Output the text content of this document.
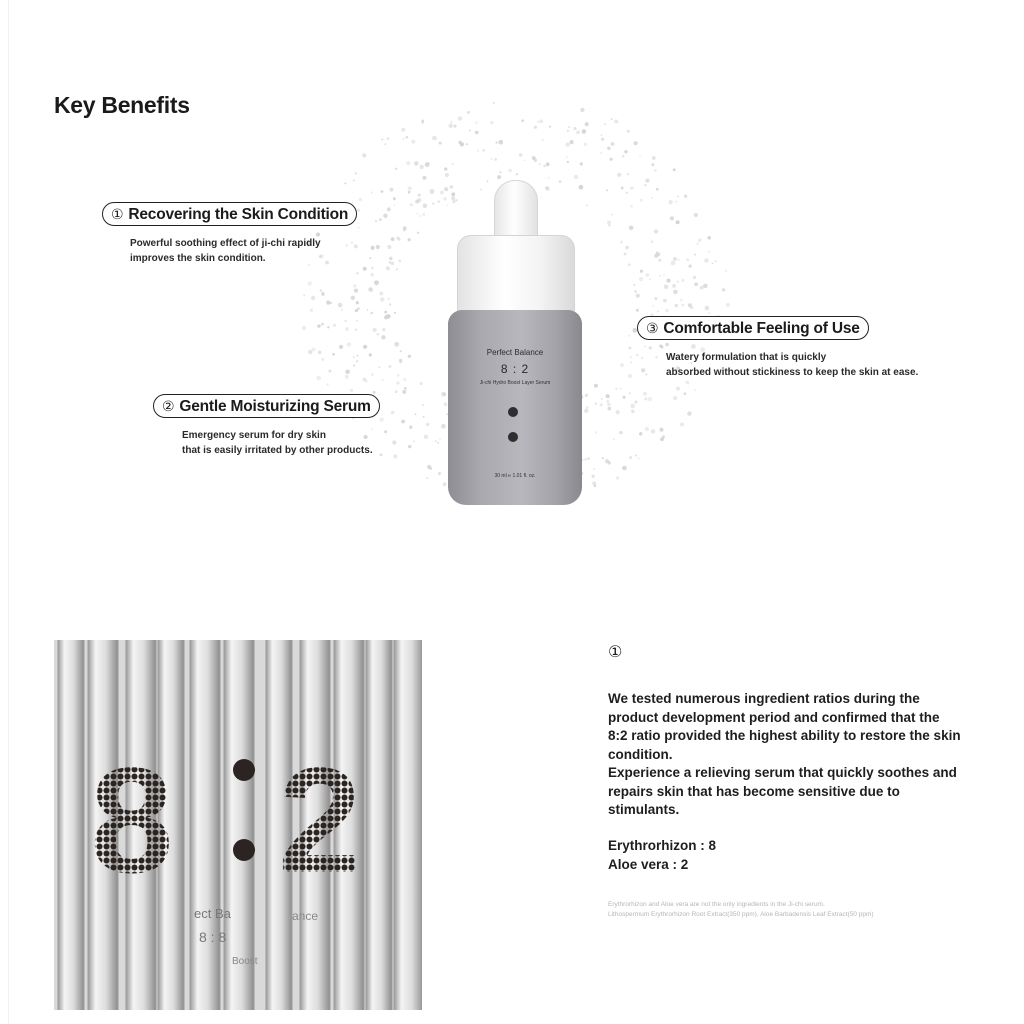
Key Benefits
Perfect Balance
8 : 2
Ji-chi Hydro Boost Layer Serum
30 ml ℮ 1.01 fl. oz.
① Recovering the Skin Condition
Powerful soothing effect of ji-chi rapidly
improves the skin condition.
② Gentle Moisturizing Serum
Emergency serum for dry skin
that is easily irritated by other products.
③ Comfortable Feeling of Use
Watery formulation that is quickly
absorbed without stickiness to keep the skin at ease.
8 2
ect Ba
8 : 8
ance
Boost
①
We tested numerous ingredient ratios during the
product development period and confirmed that the
8:2 ratio provided the highest ability to restore the skin
condition.
Experience a relieving serum that quickly soothes and
repairs skin that has become sensitive due to
stimulants.
Erythrorhizon : 8
Aloe vera : 2
Erythrorhizon and Aloe vera are not the only ingredients in the Ji-chi serum.
Lithospermum Erythrorhizon Root Extract(350 ppm), Aloe Barbadensis Leaf Extract(50 ppm)
